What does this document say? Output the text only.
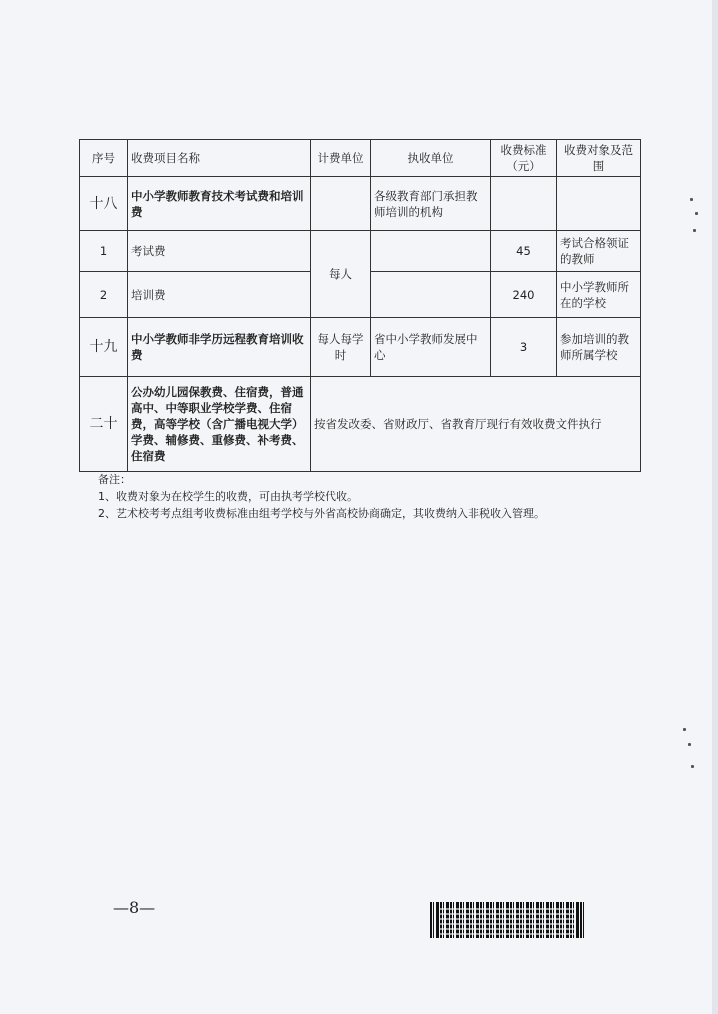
序号	收费项目名称	计费单位	执收单位	收费标准（元）	收费对象及范围
十八	中小学教师教育技术考试费和培训费		各级教育部门承担教师培训的机构		
1	考试费	每人		45	考试合格领证的教师
2	培训费			240	中小学教师所在的学校
十九	中小学教师非学历远程教育培训收费	每人每学时	省中小学教师发展中心	3	参加培训的教师所属学校
二十	公办幼儿园保教费、住宿费，普通高中、中等职业学校学费、住宿费，高等学校（含广播电视大学）学费、辅修费、重修费、补考费、住宿费	按省发改委、省财政厅、省教育厅现行有效收费文件执行			
备注：
1、收费对象为在校学生的收费，可由执考学校代收。
2、艺术校考考点组考收费标准由组考学校与外省高校协商确定，其收费纳入非税收入管理。
—8—
